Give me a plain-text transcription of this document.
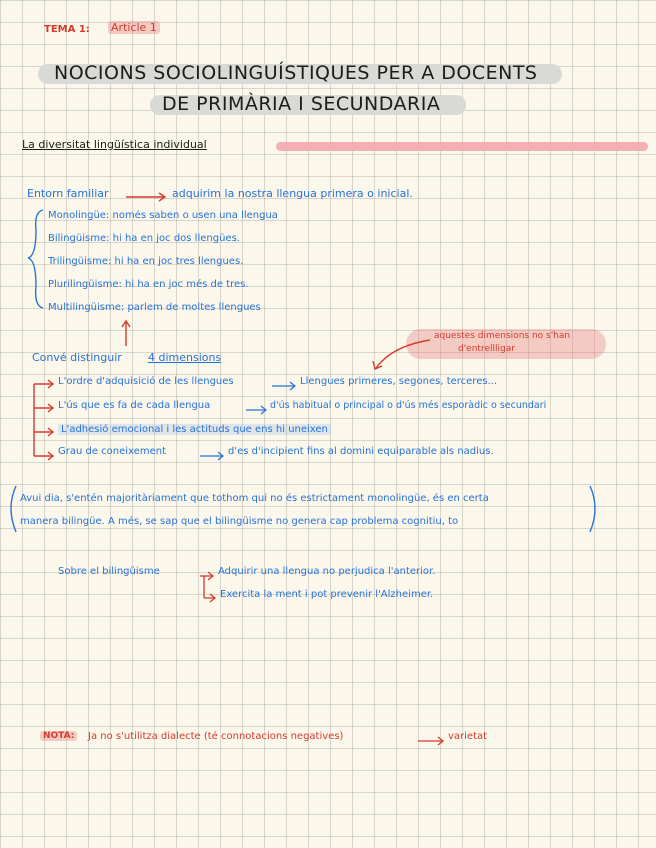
TEMA 1: Article 1
NOCIONS SOCIOLINGUÍSTIQUES PER A DOCENTS
DE PRIMÀRIA I SECUNDARIA
La diversitat lingüística individual
Entorn familiar	adquirim la nostra llengua primera o inicial.
Monolingüe: només saben o usen una llengua
Bilingüisme: hi ha en joc dos llengües.
Trilingüisme: hi ha en joc tres llengues.
Plurilingüisme: hi ha en joc més de tres.
Multilingüisme: parlem de moltes llengues
aquestes dimensions no s'han
d'entrellligar
Convé distinguir 4 dimensions
L'ordre d'adquisició de les llengues	Llengues primeres, segones, terceres...
L'ús que es fa de cada llengua	d'ús habitual o principal o d'ús més esporàdic o secundari
L'adhesió emocional i les actituds que ens hi uneixen
Grau de coneixement	d'es d'incipient fins al domini equiparable als nadius.
Avui dia, s'entén majoritàriament que tothom qui no és estrictament monolingüe, és en certa
manera bilingüe. A més, se sap que el bilingüisme no genera cap problema cognitiu, to
Sobre el bilingüisme	Adquirir una llengua no perjudica l'anterior.
Exercita la ment i pot prevenir l'Alzheimer.
NOTA:	Ja no s'utilitza dialecte (té connotacions negatives)	varietat
